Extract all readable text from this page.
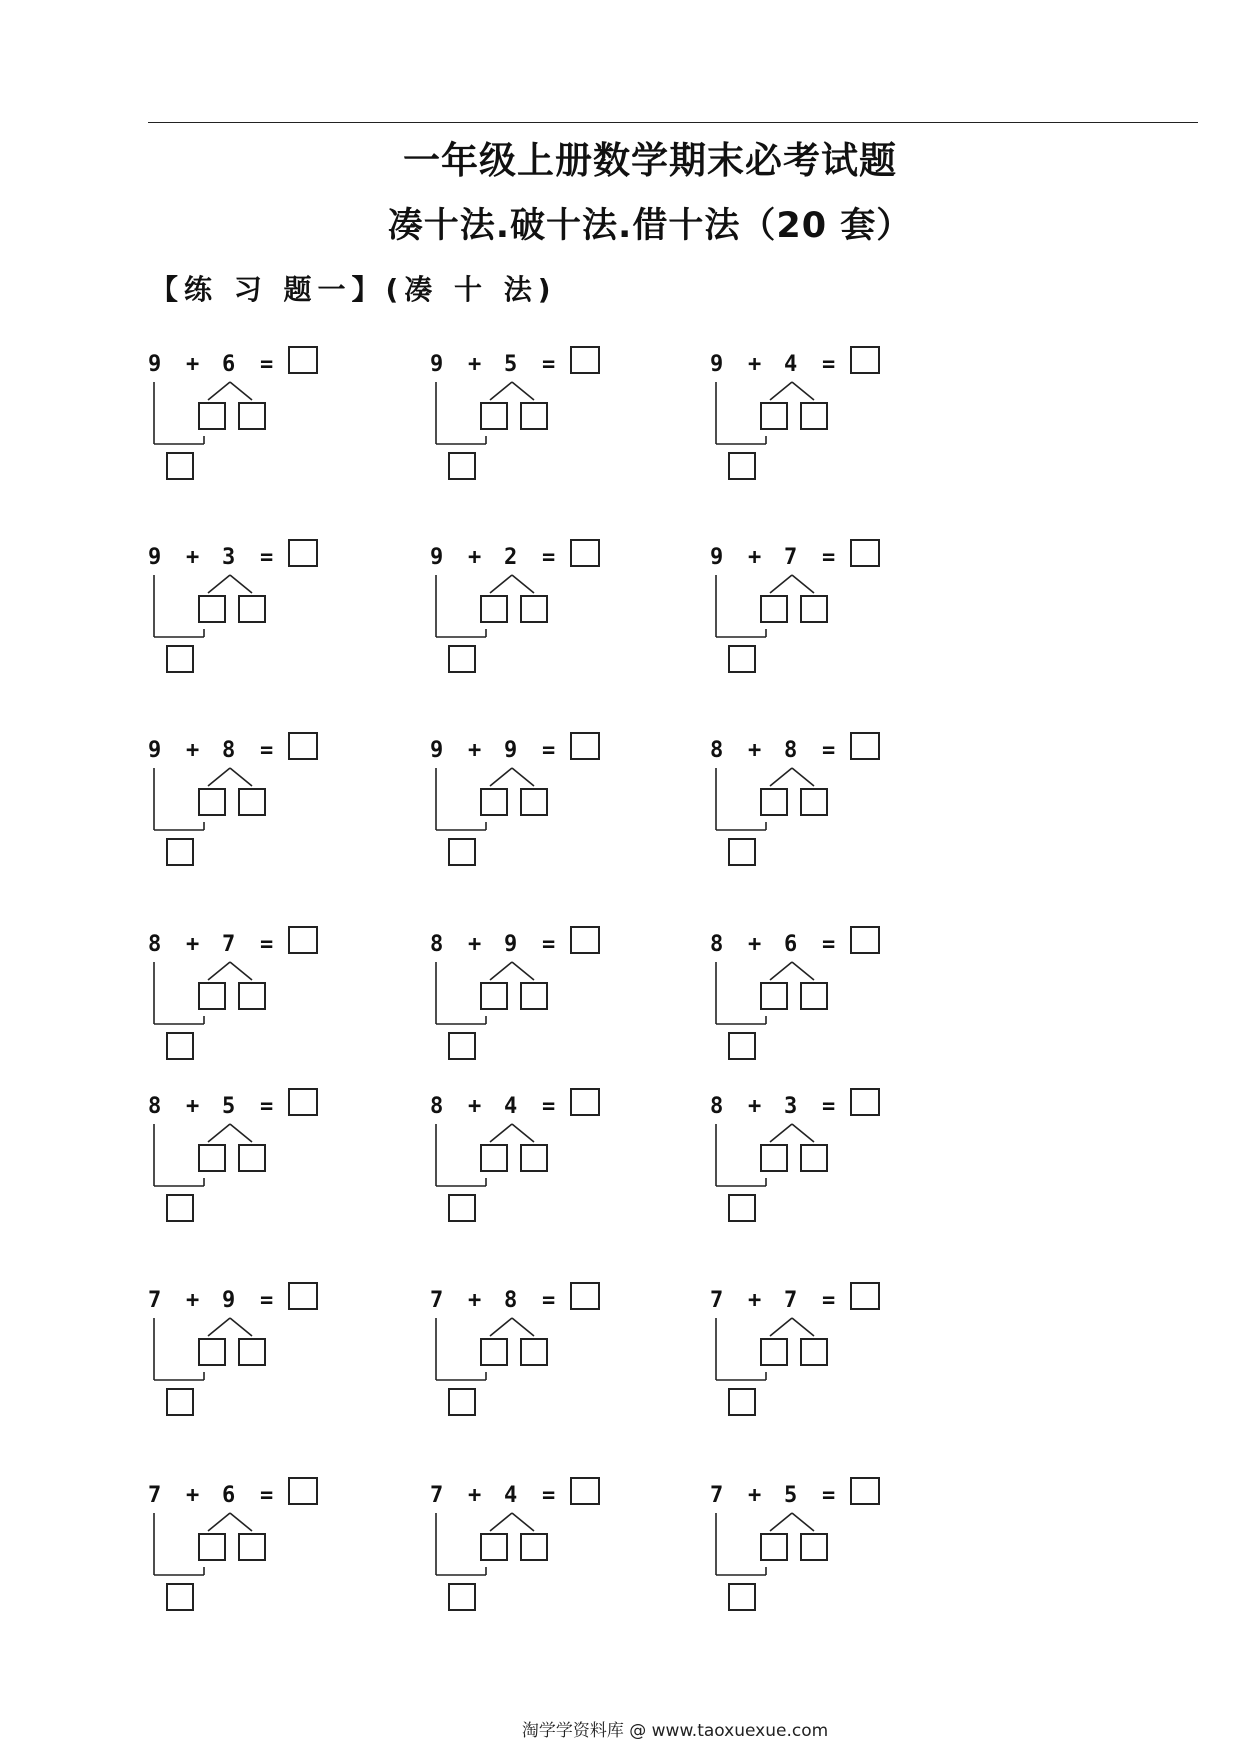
一年级上册数学期末必考试题
凑十法.破十法.借十法（20 套）
【练 习 题一】(凑 十 法)
9 + 6 =	9 + 5 =	9 + 4 =
9 + 3 =	9 + 2 =	9 + 7 =
9 + 8 =	9 + 9 =	8 + 8 =
8 + 7 =	8 + 9 =	8 + 6 =
8 + 5 =	8 + 4 =	8 + 3 =
7 + 9 =	7 + 8 =	7 + 7 =
7 + 6 =	7 + 4 =	7 + 5 =
淘学学资料库 @ www.taoxuexue.com
